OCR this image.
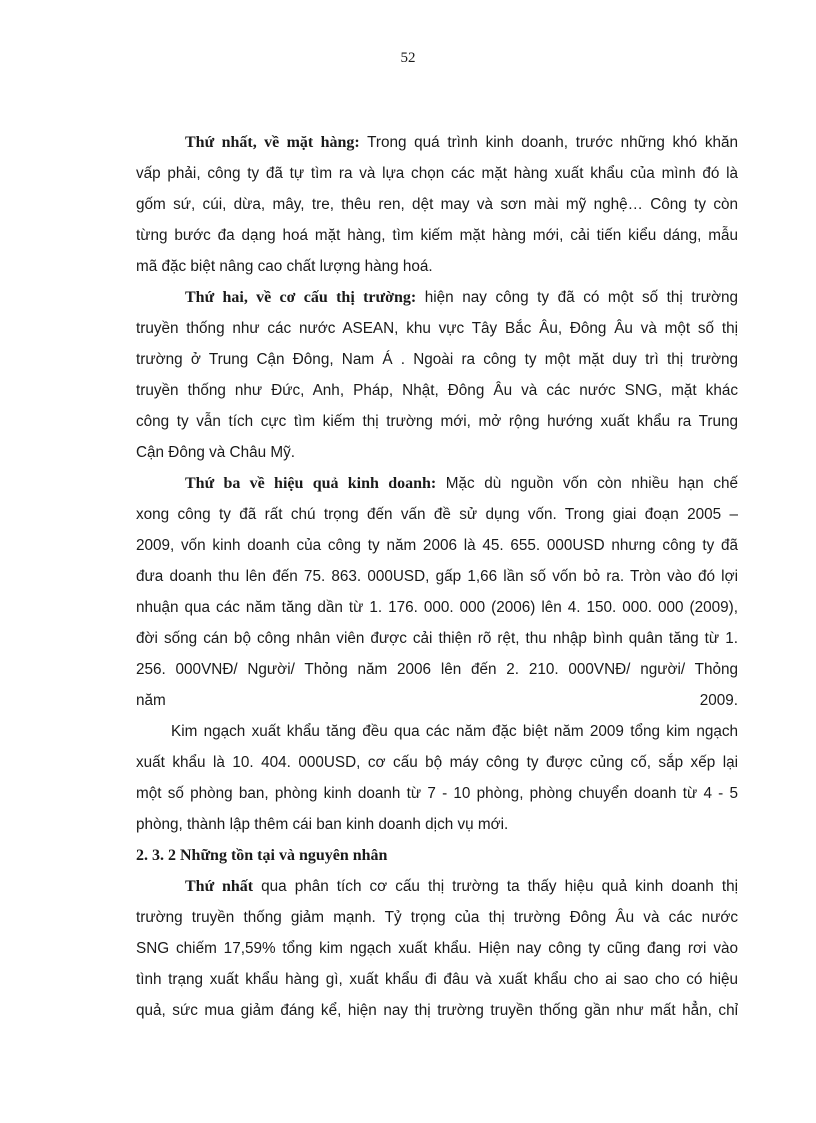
52
Thứ nhất, về mặt hàng: Trong quá trình kinh doanh, trước những khó khăn
vấp phải, công ty đã tự tìm ra và lựa chọn các mặt hàng xuất khẩu của mình đó là
gốm sứ, cúi, dừa, mây, tre, thêu ren, dệt may và sơn mài mỹ nghệ… Công ty còn
từng bước đa dạng hoá mặt hàng, tìm kiếm mặt hàng mới, cải tiến kiểu dáng, mẫu
mã đặc biệt nâng cao chất lượng hàng hoá.
Thứ hai, về cơ cấu thị trường: hiện nay công ty đã có một số thị trường
truyền thống như các nước ASEAN, khu vực Tây Bắc Âu, Đông Âu và một số thị
trường ở Trung Cận Đông, Nam Á . Ngoài ra công ty một mặt duy trì thị trường
truyền thống như Đức, Anh, Pháp, Nhật, Đông Âu và các nước SNG, mặt khác
công ty vẫn tích cực tìm kiếm thị trường mới, mở rộng hướng xuất khẩu ra Trung
Cận Đông và Châu Mỹ.
Thứ ba về hiệu quả kinh doanh: Mặc dù nguồn vốn còn nhiều hạn chế
xong công ty đã rất chú trọng đến vấn đề sử dụng vốn. Trong giai đoạn 2005 –
2009, vốn kinh doanh của công ty năm 2006 là 45. 655. 000USD nhưng công ty đã
đưa doanh thu lên đến 75. 863. 000USD, gấp 1,66 lần số vốn bỏ ra. Tròn vào đó lợi
nhuận qua các năm tăng dần từ 1. 176. 000. 000 (2006) lên 4. 150. 000. 000 (2009),
đời sống cán bộ công nhân viên được cải thiện rõ rệt, thu nhập bình quân tăng từ 1.
256. 000VNĐ/ Người/ Thỏng năm 2006 lên đến 2. 210. 000VNĐ/ người/ Thỏng
năm	2009.
Kim ngạch xuất khẩu tăng đều qua các năm đặc biệt năm 2009 tổng kim ngạch
xuất khẩu là 10. 404. 000USD, cơ cấu bộ máy công ty được củng cố, sắp xếp lại
một số phòng ban, phòng kinh doanh từ 7 - 10 phòng, phòng chuyển doanh từ 4 - 5
phòng, thành lập thêm cái ban kinh doanh dịch vụ mới.
2. 3. 2 Những tồn tại và nguyên nhân
Thứ nhất qua phân tích cơ cấu thị trường ta thấy hiệu quả kinh doanh thị
trường truyền thống giảm mạnh. Tỷ trọng của thị trường Đông Âu và các nước
SNG chiếm 17,59% tổng kim ngạch xuất khẩu. Hiện nay công ty cũng đang rơi vào
tình trạng xuất khẩu hàng gì, xuất khẩu đi đâu và xuất khẩu cho ai sao cho có hiệu
quả, sức mua giảm đáng kể, hiện nay thị trường truyền thống gần như mất hẳn, chỉ
